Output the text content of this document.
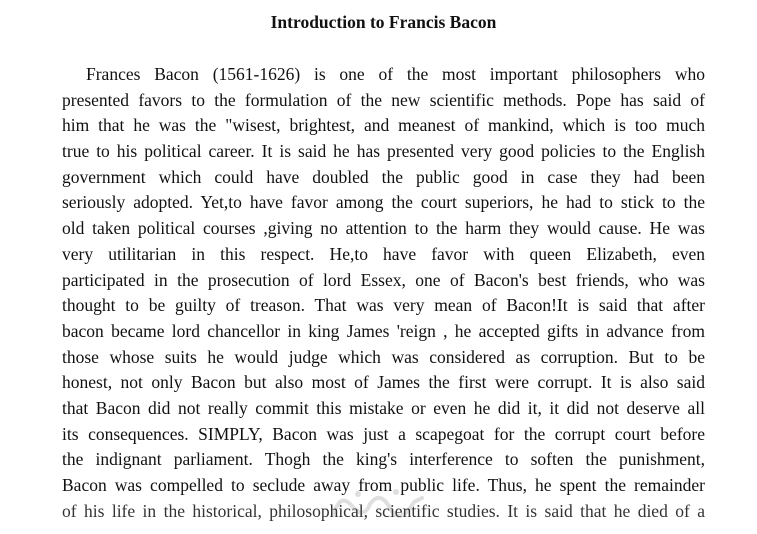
Introduction to Francis Bacon
Frances Bacon (1561-1626) is one of the most important philosophers who
presented favors to the formulation of the new scientific methods. Pope has said of
him that he was the "wisest, brightest, and meanest of mankind, which is too much
true to his political career. It is said he has presented very good policies to the English
government which could have doubled the public good in case they had been
seriously adopted. Yet,to have favor among the court superiors, he had to stick to the
old taken political courses ,giving no attention to the harm they would cause. He was
very utilitarian in this respect. He,to have favor with queen Elizabeth, even
participated in the prosecution of lord Essex, one of Bacon's best friends, who was
thought to be guilty of treason. That was very mean of Bacon!It is said that after
bacon became lord chancellor in king James 'reign , he accepted gifts in advance from
those whose suits he would judge which was considered as corruption. But to be
honest, not only Bacon but also most of James the first were corrupt. It is also said
that Bacon did not really commit this mistake or even he did it, it did not deserve all
its consequences. SIMPLY, Bacon was just a scapegoat for the corrupt court before
the indignant parliament. Thogh the king's interference to soften the punishment,
Bacon was compelled to seclude away from public life. Thus, he spent the remainder
of his life in the historical, philosophical, scientific studies. It is said that he died of a
